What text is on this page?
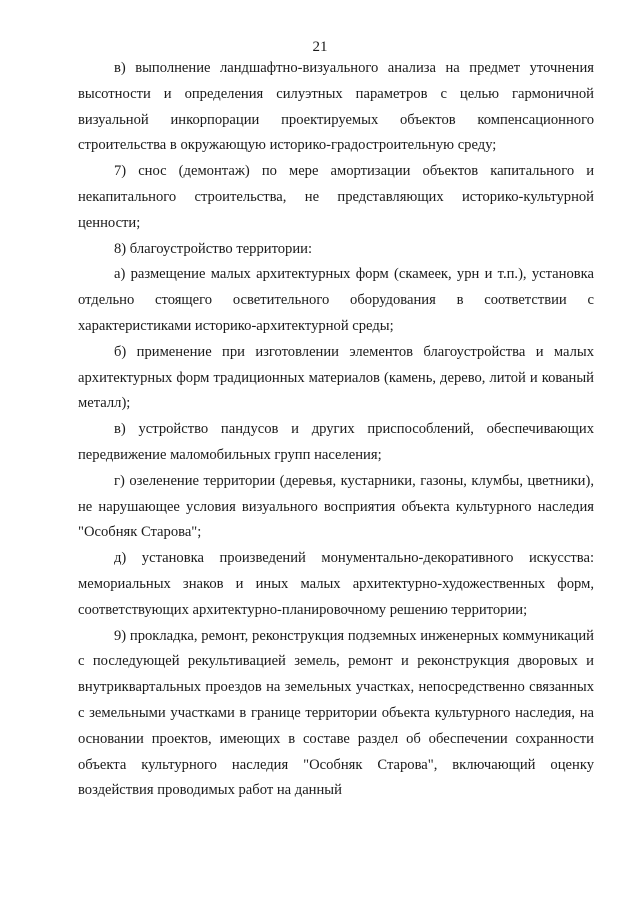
21

в) выполнение ландшафтно-визуального анализа на предмет уточнения высотности и определения силуэтных параметров с целью гармоничной визуальной инкорпорации проектируемых объектов компенсационного строительства в окружающую историко-градостроительную среду;

7) снос (демонтаж) по мере амортизации объектов капитального и некапитального строительства, не представляющих историко-культурной ценности;

8) благоустройство территории:

а) размещение малых архитектурных форм (скамеек, урн и т.п.), установка отдельно стоящего осветительного оборудования в соответствии с характеристиками историко-архитектурной среды;

б) применение при изготовлении элементов благоустройства и малых архитектурных форм традиционных материалов (камень, дерево, литой и кованый металл);

в) устройство пандусов и других приспособлений, обеспечивающих передвижение маломобильных групп населения;

г) озеленение территории (деревья, кустарники, газоны, клумбы, цветники), не нарушающее условия визуального восприятия объекта культурного наследия "Особняк Старова";

д) установка произведений монументально-декоративного искусства: мемориальных знаков и иных малых архитектурно-художественных форм, соответствующих архитектурно-планировочному решению территории;

9) прокладка, ремонт, реконструкция подземных инженерных коммуникаций с последующей рекультивацией земель, ремонт и реконструкция дворовых и внутриквартальных проездов на земельных участках, непосредственно связанных с земельными участками в границе территории объекта культурного наследия, на основании проектов, имеющих в составе раздел об обеспечении сохранности объекта культурного наследия "Особняк Старова", включающий оценку воздействия проводимых работ на данный
